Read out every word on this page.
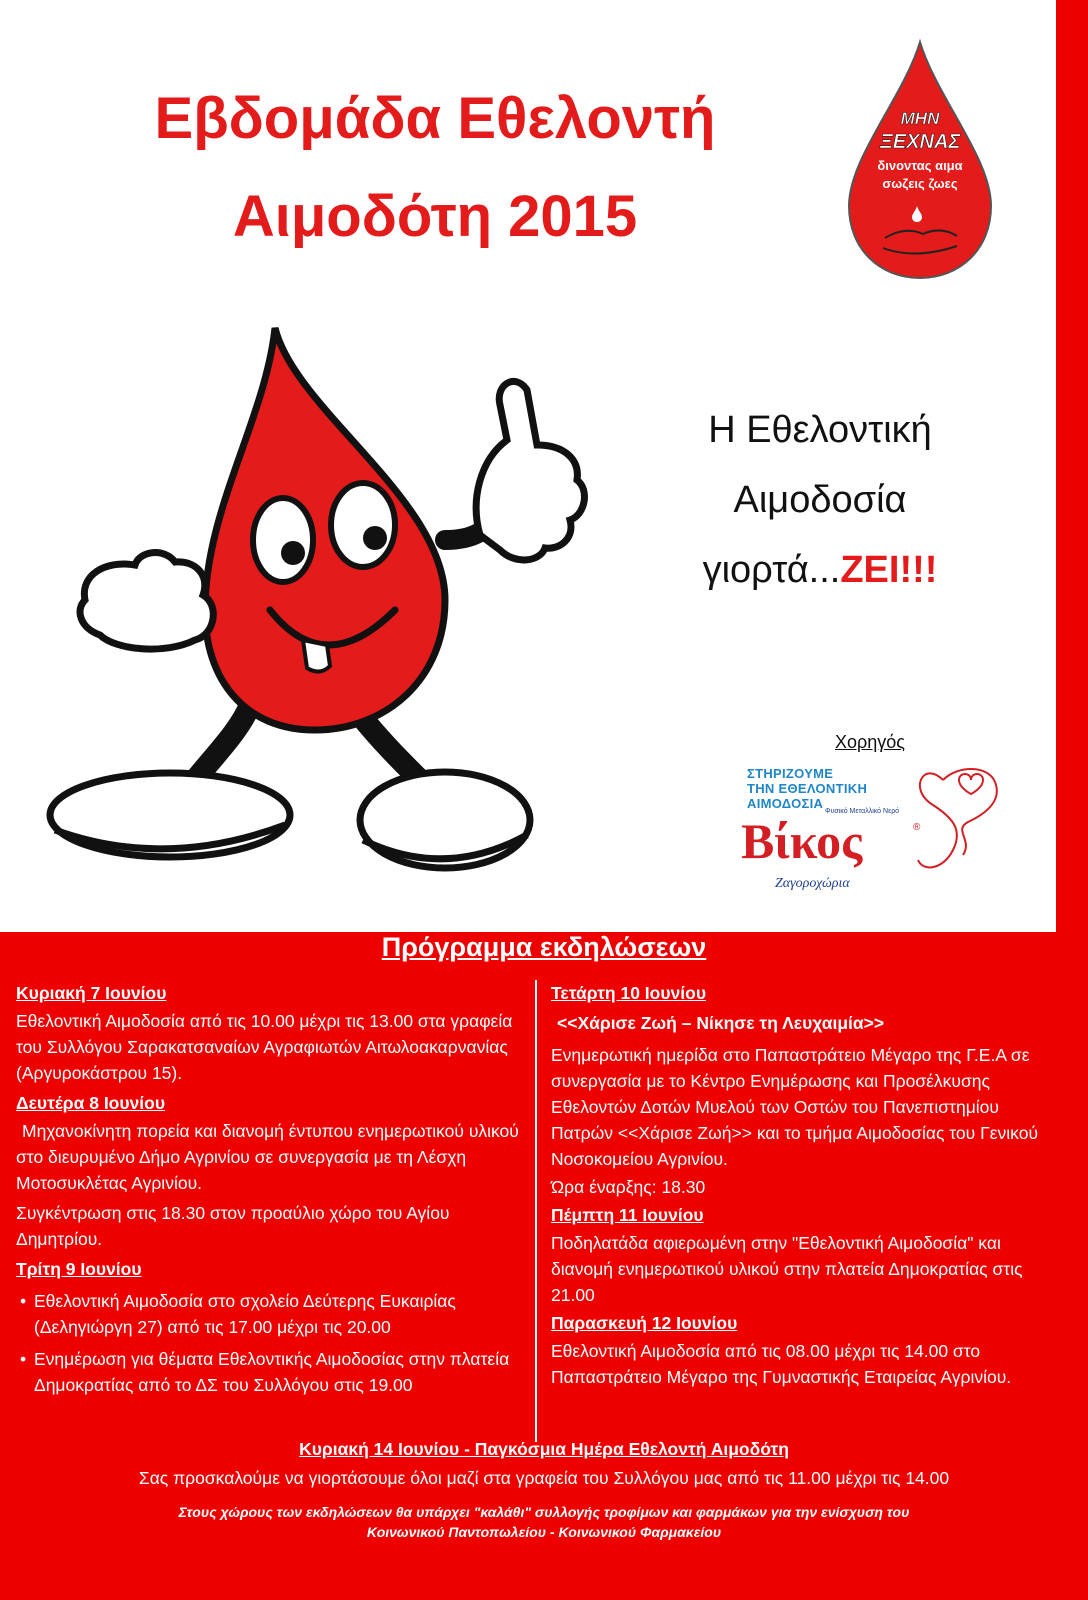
Εβδομάδα Εθελοντή
Αιμοδότη 2015
ΜΗΝ
ΞΕΧΝΑΣ
δινοντας αιμα
σωζεις ζωες
Η Εθελοντική
Αιμοδοσία
γιορτά...ΖΕΙ!!!
Χορηγός
ΣΤΗΡΙΖΟΥΜΕ
ΤΗΝ ΕΘΕΛΟΝΤΙΚΗ
ΑΙΜΟΔΟΣΙΑ
Φυσικό Μεταλλικό Νερό
Βίκος	®
Ζαγοροχώρια
Πρόγραμμα εκδηλώσεων
Κυριακή 7 Ιουνίου
Εθελοντική Αιμοδοσία από τις 10.00 μέχρι τις 13.00 στα γραφεία του Συλλόγου Σαρακατσαναίων Αγραφιωτών Αιτωλοακαρνανίας (Αργυροκάστρου 15).
Δευτέρα 8 Ιουνίου
Μηχανοκίνητη πορεία και διανομή έντυπου ενημερωτικού υλικού στο διευρυμένο Δήμο Αγρινίου σε συνεργασία με τη Λέσχη Μοτοσυκλέτας Αγρινίου.
Συγκέντρωση στις 18.30 στον προαύλιο χώρο του Αγίου Δημητρίου.
Τρίτη 9 Ιουνίου
• Εθελοντική Αιμοδοσία στο σχολείο Δεύτερης Ευκαιρίας (Δεληγιώργη 27) από τις 17.00 μέχρι τις 20.00
• Ενημέρωση για θέματα Εθελοντικής Αιμοδοσίας στην πλατεία Δημοκρατίας από το ΔΣ του Συλλόγου στις 19.00
Τετάρτη 10 Ιουνίου
<<Χάρισε Ζωή – Νίκησε τη Λευχαιμία>>
Ενημερωτική ημερίδα στο Παπαστράτειο Μέγαρο της Γ.Ε.Α σε συνεργασία με το Κέντρο Ενημέρωσης και Προσέλκυσης Εθελοντών Δοτών Μυελού των Οστών του Πανεπιστημίου Πατρών <<Χάρισε Ζωή>> και το τμήμα Αιμοδοσίας του Γενικού Νοσοκομείου Αγρινίου.
Ώρα έναρξης: 18.30
Πέμπτη 11 Ιουνίου
Ποδηλατάδα αφιερωμένη στην "Εθελοντική Αιμοδοσία" και διανομή ενημερωτικού υλικού στην πλατεία Δημοκρατίας στις 21.00
Παρασκευή 12 Ιουνίου
Εθελοντική Αιμοδοσία από τις 08.00 μέχρι τις 14.00 στο Παπαστράτειο Μέγαρο της Γυμναστικής Εταιρείας Αγρινίου.
Κυριακή 14 Ιουνίου - Παγκόσμια Ημέρα Εθελοντή Αιμοδότη
Σας προσκαλούμε να γιορτάσουμε όλοι μαζί στα γραφεία του Συλλόγου μας από τις 11.00 μέχρι τις 14.00
Στους χώρους των εκδηλώσεων θα υπάρχει "καλάθι" συλλογής τροφίμων και φαρμάκων για την ενίσχυση του
Κοινωνικού Παντοπωλείου - Κοινωνικού Φαρμακείου
